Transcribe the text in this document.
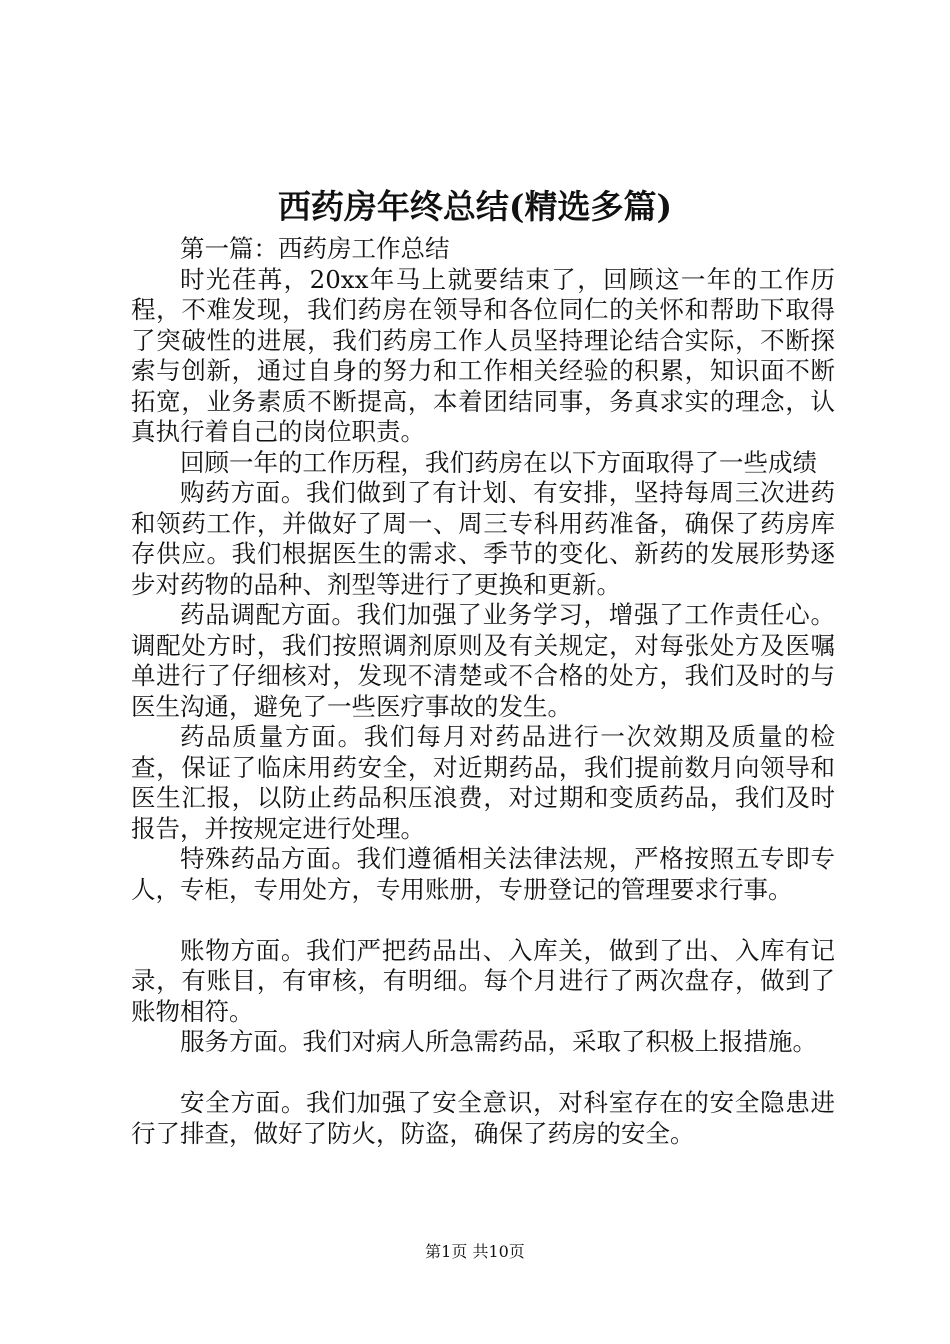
西药房年终总结(精选多篇)

第一篇：西药房工作总结

时光荏苒，20xx年马上就要结束了，回顾这一年的工作历程，不难发现，我们药房在领导和各位同仁的关怀和帮助下取得了突破性的进展，我们药房工作人员坚持理论结合实际，不断探索与创新，通过自身的努力和工作相关经验的积累，知识面不断拓宽，业务素质不断提高，本着团结同事，务真求实的理念，认真执行着自己的岗位职责。

回顾一年的工作历程，我们药房在以下方面取得了一些成绩

购药方面。我们做到了有计划、有安排，坚持每周三次进药和领药工作，并做好了周一、周三专科用药准备，确保了药房库存供应。我们根据医生的需求、季节的变化、新药的发展形势逐步对药物的品种、剂型等进行了更换和更新。

药品调配方面。我们加强了业务学习，增强了工作责任心。调配处方时，我们按照调剂原则及有关规定，对每张处方及医嘱单进行了仔细核对，发现不清楚或不合格的处方，我们及时的与医生沟通，避免了一些医疗事故的发生。

药品质量方面。我们每月对药品进行一次效期及质量的检查，保证了临床用药安全，对近期药品，我们提前数月向领导和医生汇报，以防止药品积压浪费，对过期和变质药品，我们及时报告，并按规定进行处理。

特殊药品方面。我们遵循相关法律法规，严格按照五专即专人，专柜，专用处方，专用账册，专册登记的管理要求行事。

账物方面。我们严把药品出、入库关，做到了出、入库有记录，有账目，有审核，有明细。每个月进行了两次盘存，做到了账物相符。

服务方面。我们对病人所急需药品，采取了积极上报措施。

安全方面。我们加强了安全意识，对科室存在的安全隐患进行了排查，做好了防火，防盗，确保了药房的安全。

第1页 共10页
